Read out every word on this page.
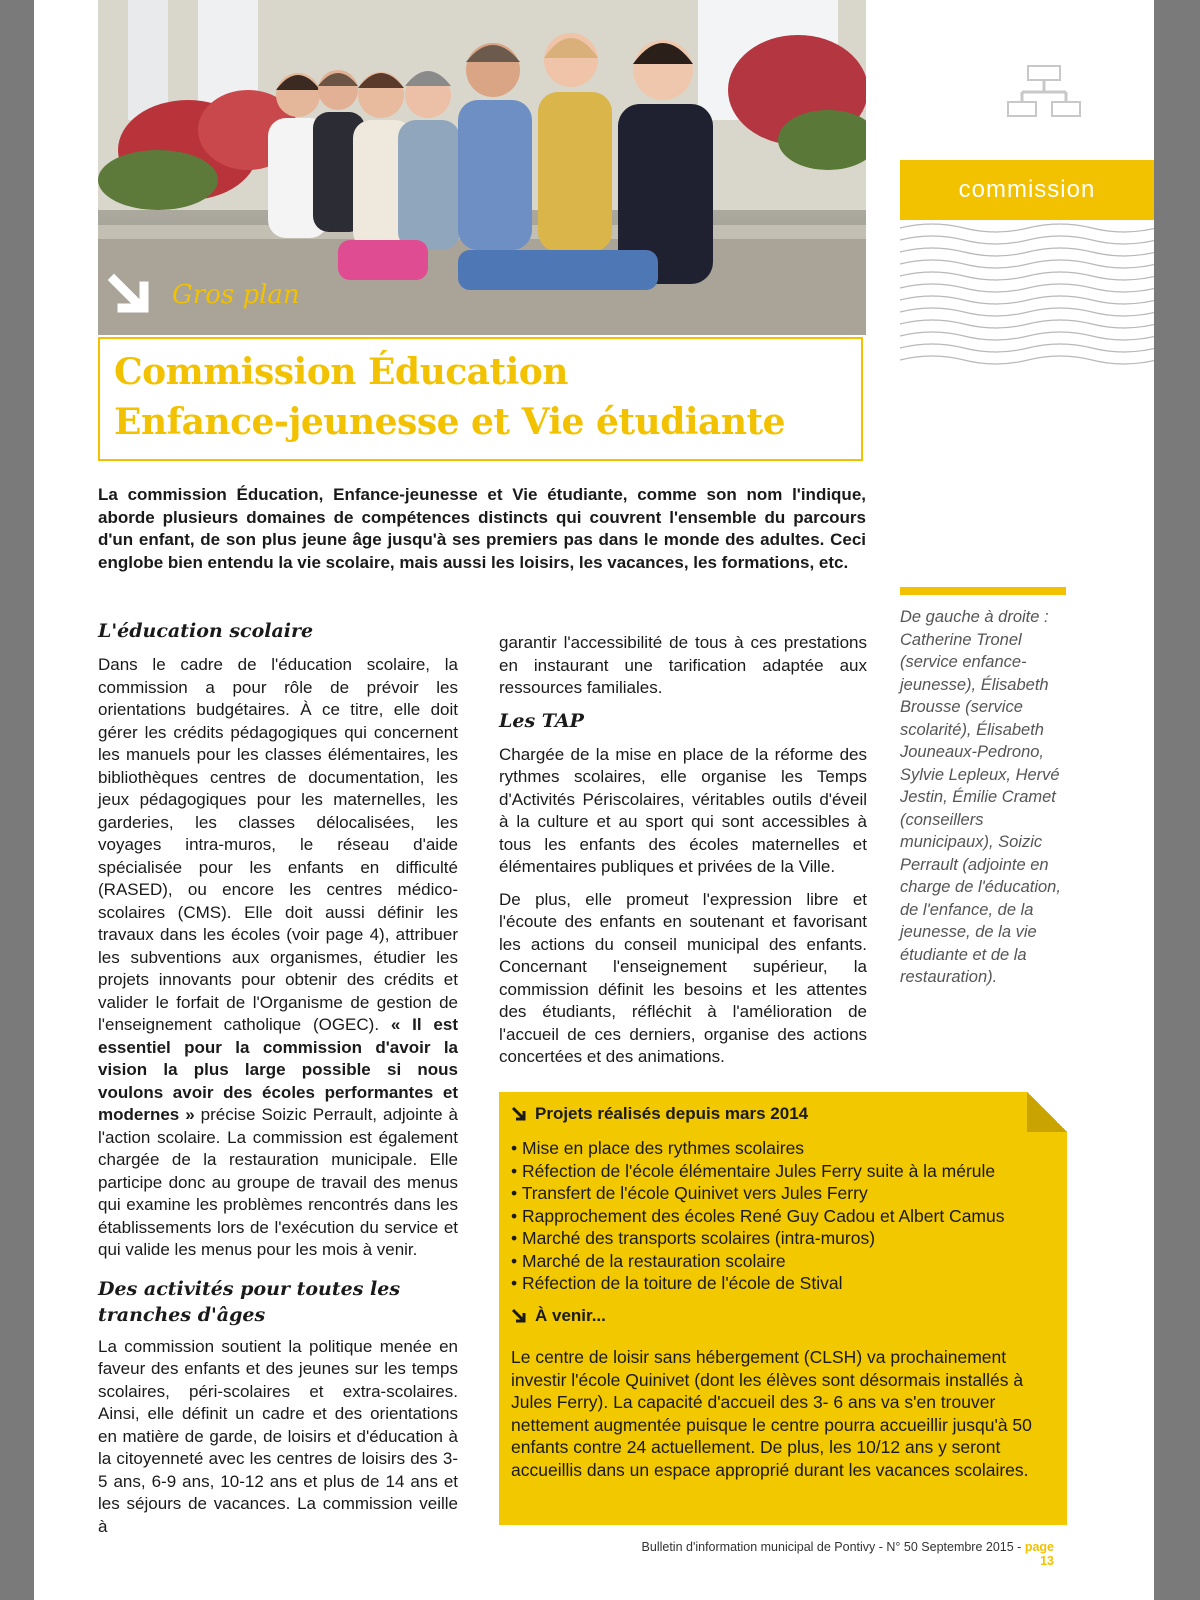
Gros plan
Commission Éducation
Enfance-jeunesse et Vie étudiante
La commission Éducation, Enfance-jeunesse et Vie étudiante, comme son nom l'indique, aborde plusieurs domaines de compétences distincts qui couvrent l'ensemble du parcours d'un enfant, de son plus jeune âge jusqu'à ses premiers pas dans le monde des adultes. Ceci englobe bien entendu la vie scolaire, mais aussi les loisirs, les vacances, les formations, etc.
L'éducation scolaire

Dans le cadre de l'éducation scolaire, la commission a pour rôle de prévoir les orientations budgétaires. À ce titre, elle doit gérer les crédits pédagogiques qui concernent les manuels pour les classes élémentaires, les bibliothèques centres de documentation, les jeux pédagogiques pour les maternelles, les garderies, les classes délocalisées, les voyages intra-muros, le réseau d'aide spécialisée pour les enfants en difficulté (RASED), ou encore les centres médico-scolaires (CMS). Elle doit aussi définir les travaux dans les écoles (voir page 4), attribuer les subventions aux organismes, étudier les projets innovants pour obtenir des crédits et valider le forfait de l'Organisme de gestion de l'enseignement catholique (OGEC). « Il est essentiel pour la commission d'avoir la vision la plus large possible si nous voulons avoir des écoles performantes et modernes » précise Soizic Perrault, adjointe à l'action scolaire. La commission est également chargée de la restauration municipale. Elle participe donc au groupe de travail des menus qui examine les problèmes rencontrés dans les établissements lors de l'exécution du service et qui valide les menus pour les mois à venir.

Des activités pour toutes les tranches d'âges

La commission soutient la politique menée en faveur des enfants et des jeunes sur les temps scolaires, péri-scolaires et extra-scolaires. Ainsi, elle définit un cadre et des orientations en matière de garde, de loisirs et d'éducation à la citoyenneté avec les centres de loisirs des 3-5 ans, 6-9 ans, 10-12 ans et plus de 14 ans et les séjours de vacances. La commission veille à

garantir l'accessibilité de tous à ces prestations en instaurant une tarification adaptée aux ressources familiales.

Les TAP

Chargée de la mise en place de la réforme des rythmes scolaires, elle organise les Temps d'Activités Périscolaires, véritables outils d'éveil à la culture et au sport qui sont accessibles à tous les enfants des écoles maternelles et élémentaires publiques et privées de la Ville.

De plus, elle promeut l'expression libre et l'écoute des enfants en soutenant et favorisant les actions du conseil municipal des enfants. Concernant l'enseignement supérieur, la commission définit les besoins et les attentes des étudiants, réfléchit à l'amélioration de l'accueil de ces derniers, organise des actions concertées et des animations.

commission
De gauche à droite : Catherine Tronel (service enfance-jeunesse), Élisabeth Brousse (service scolarité), Élisabeth Jouneaux-Pedrono, Sylvie Lepleux, Hervé Jestin, Émilie Cramet (conseillers municipaux), Soizic Perrault (adjointe en charge de l'éducation, de l'enfance, de la jeunesse, de la vie étudiante et de la restauration).
Projets réalisés depuis mars 2014
• Mise en place des rythmes scolaires
• Réfection de l'école élémentaire Jules Ferry suite à la mérule
• Transfert de l'école Quinivet vers Jules Ferry
• Rapprochement des écoles René Guy Cadou et Albert Camus
• Marché des transports scolaires (intra-muros)
• Marché de la restauration scolaire
• Réfection de la toiture de l'école de Stival
À venir...
Le centre de loisir sans hébergement (CLSH) va prochainement investir l'école Quinivet (dont les élèves sont désormais installés à Jules Ferry). La capacité d'accueil des 3- 6 ans va s'en trouver nettement augmentée puisque le centre pourra accueillir jusqu'à 50 enfants contre 24 actuellement. De plus, les 10/12 ans y seront accueillis dans un espace approprié durant les vacances scolaires.
Bulletin d'information municipal de Pontivy - N° 50 Septembre 2015 - page 13
